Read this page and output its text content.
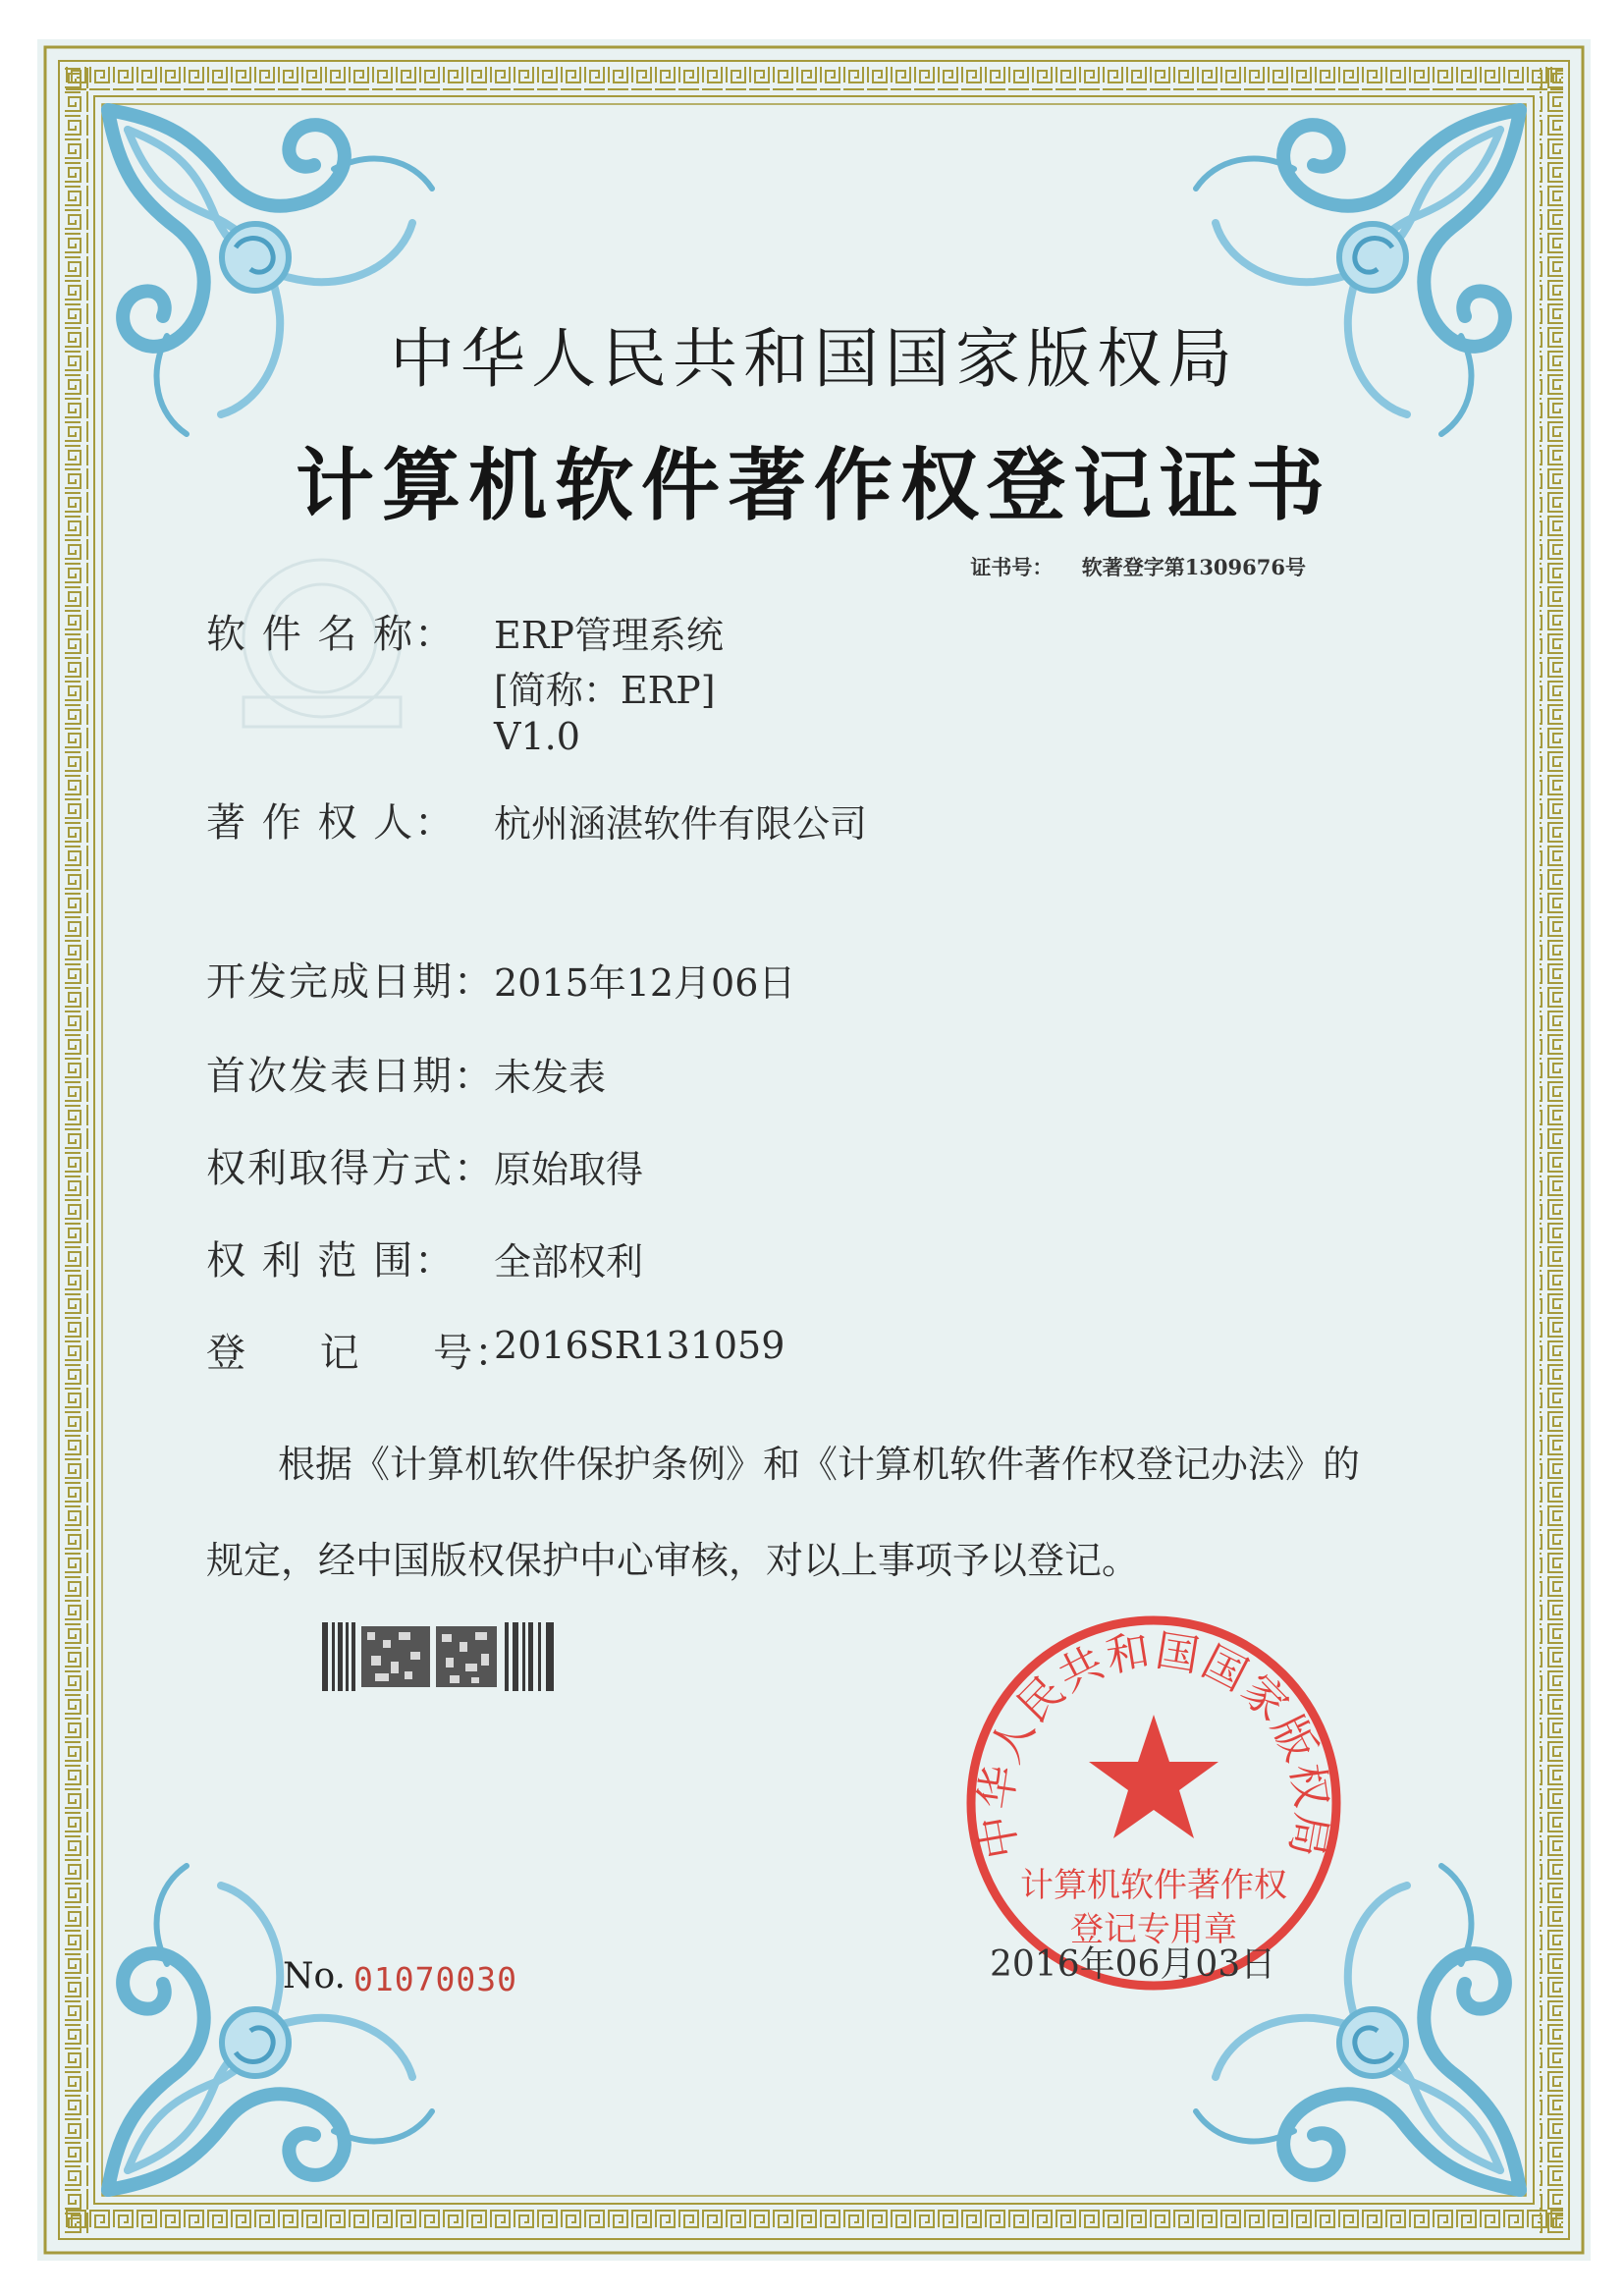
中华人民共和国国家版权局
计算机软件著作权登记证书
证书号： 软著登字第1309676号
软 件 名 称： ERP管理系统
[简称：ERP]
V1.0
著 作 权 人： 杭州涵湛软件有限公司
开发完成日期： 2015年12月06日
首次发表日期： 未发表
权利取得方式： 原始取得
权 利 范 围： 全部权利
登     记     号：
2016SR131059
根据《计算机软件保护条例》和《计算机软件著作权登记办法》的
规定，经中国版权保护中心审核，对以上事项予以登记。
中华人民共和国国家版权局
计算机软件著作权
登记专用章
No. 01070030	2016年06月03日
